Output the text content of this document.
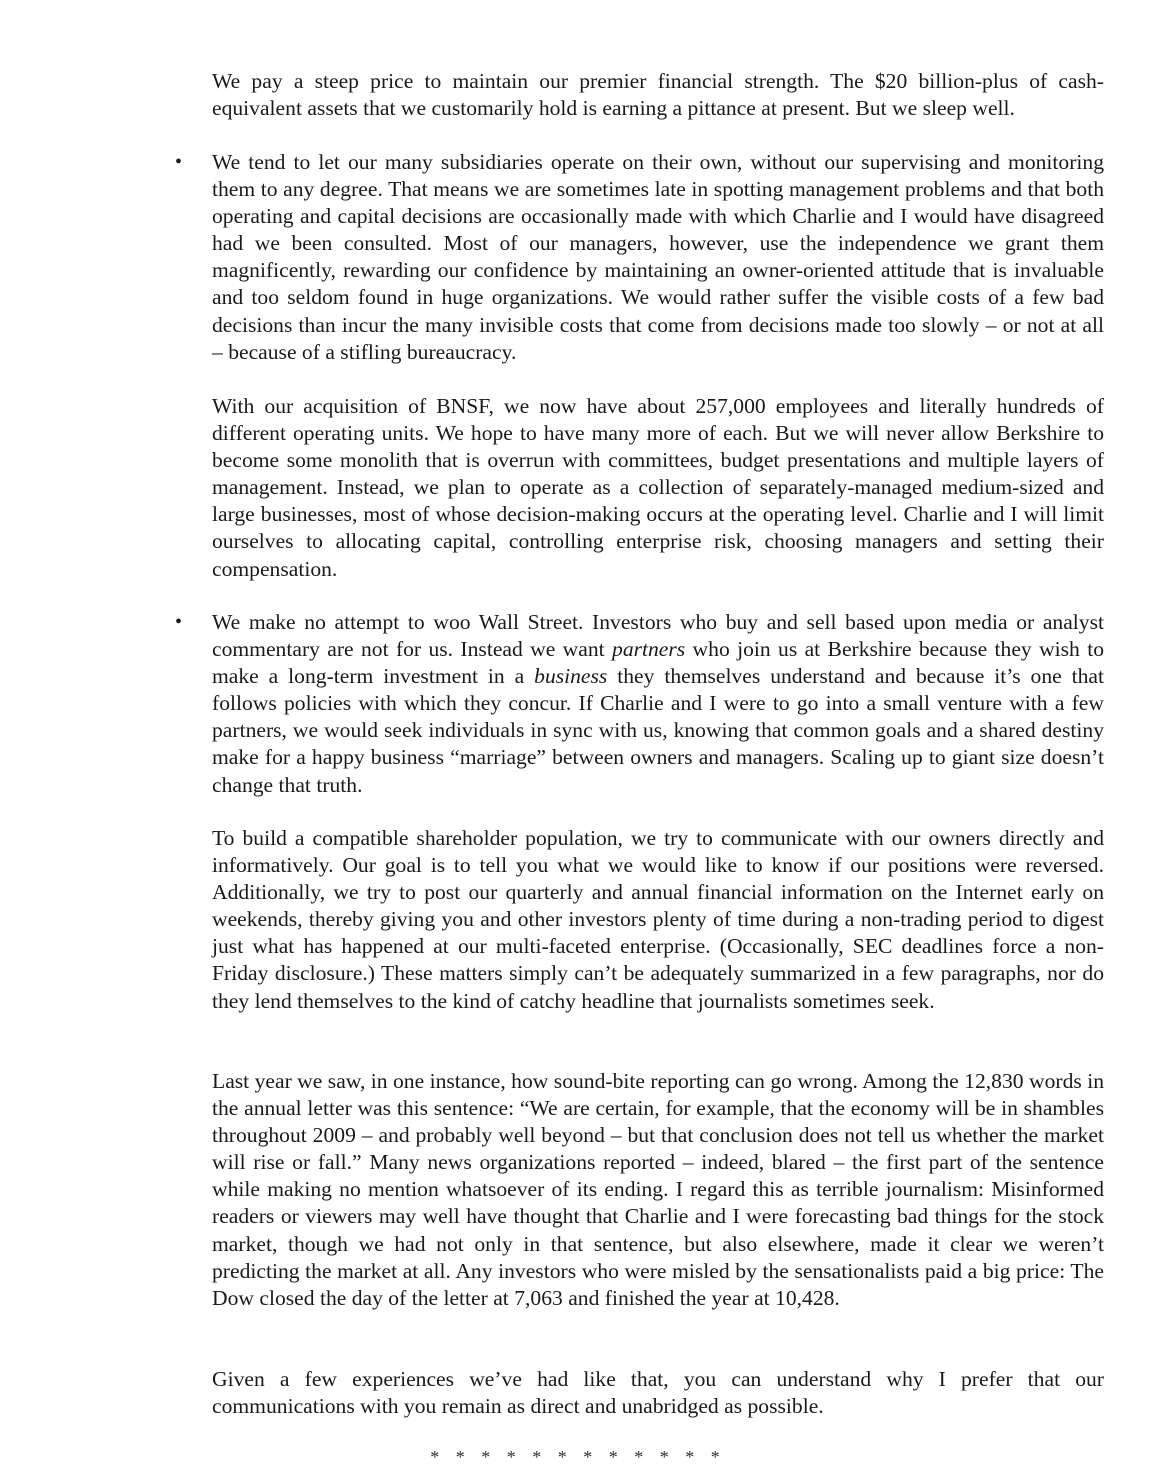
We pay a steep price to maintain our premier financial strength. The $20 billion-plus of cash-equivalent assets that we customarily hold is earning a pittance at present. But we sleep well.

• We tend to let our many subsidiaries operate on their own, without our supervising and monitoring them to any degree. That means we are sometimes late in spotting management problems and that both operating and capital decisions are occasionally made with which Charlie and I would have disagreed had we been consulted. Most of our managers, however, use the independence we grant them magnificently, rewarding our confidence by maintaining an owner-oriented attitude that is invaluable and too seldom found in huge organizations. We would rather suffer the visible costs of a few bad decisions than incur the many invisible costs that come from decisions made too slowly – or not at all – because of a stifling bureaucracy.

With our acquisition of BNSF, we now have about 257,000 employees and literally hundreds of different operating units. We hope to have many more of each. But we will never allow Berkshire to become some monolith that is overrun with committees, budget presentations and multiple layers of management. Instead, we plan to operate as a collection of separately-managed medium-sized and large businesses, most of whose decision-making occurs at the operating level. Charlie and I will limit ourselves to allocating capital, controlling enterprise risk, choosing managers and setting their compensation.

• We make no attempt to woo Wall Street. Investors who buy and sell based upon media or analyst commentary are not for us. Instead we want partners who join us at Berkshire because they wish to make a long-term investment in a business they themselves understand and because it’s one that follows policies with which they concur. If Charlie and I were to go into a small venture with a few partners, we would seek individuals in sync with us, knowing that common goals and a shared destiny make for a happy business “marriage” between owners and managers. Scaling up to giant size doesn’t change that truth.

To build a compatible shareholder population, we try to communicate with our owners directly and informatively. Our goal is to tell you what we would like to know if our positions were reversed. Additionally, we try to post our quarterly and annual financial information on the Internet early on weekends, thereby giving you and other investors plenty of time during a non-trading period to digest just what has happened at our multi-faceted enterprise. (Occasionally, SEC deadlines force a non-Friday disclosure.) These matters simply can’t be adequately summarized in a few paragraphs, nor do they lend themselves to the kind of catchy headline that journalists sometimes seek.

Last year we saw, in one instance, how sound-bite reporting can go wrong. Among the 12,830 words in the annual letter was this sentence: “We are certain, for example, that the economy will be in shambles throughout 2009 – and probably well beyond – but that conclusion does not tell us whether the market will rise or fall.” Many news organizations reported – indeed, blared – the first part of the sentence while making no mention whatsoever of its ending. I regard this as terrible journalism: Misinformed readers or viewers may well have thought that Charlie and I were forecasting bad things for the stock market, though we had not only in that sentence, but also elsewhere, made it clear we weren’t predicting the market at all. Any investors who were misled by the sensationalists paid a big price: The Dow closed the day of the letter at 7,063 and finished the year at 10,428.

Given a few experiences we’ve had like that, you can understand why I prefer that our communications with you remain as direct and unabridged as possible.

* * * * * * * * * * * *
